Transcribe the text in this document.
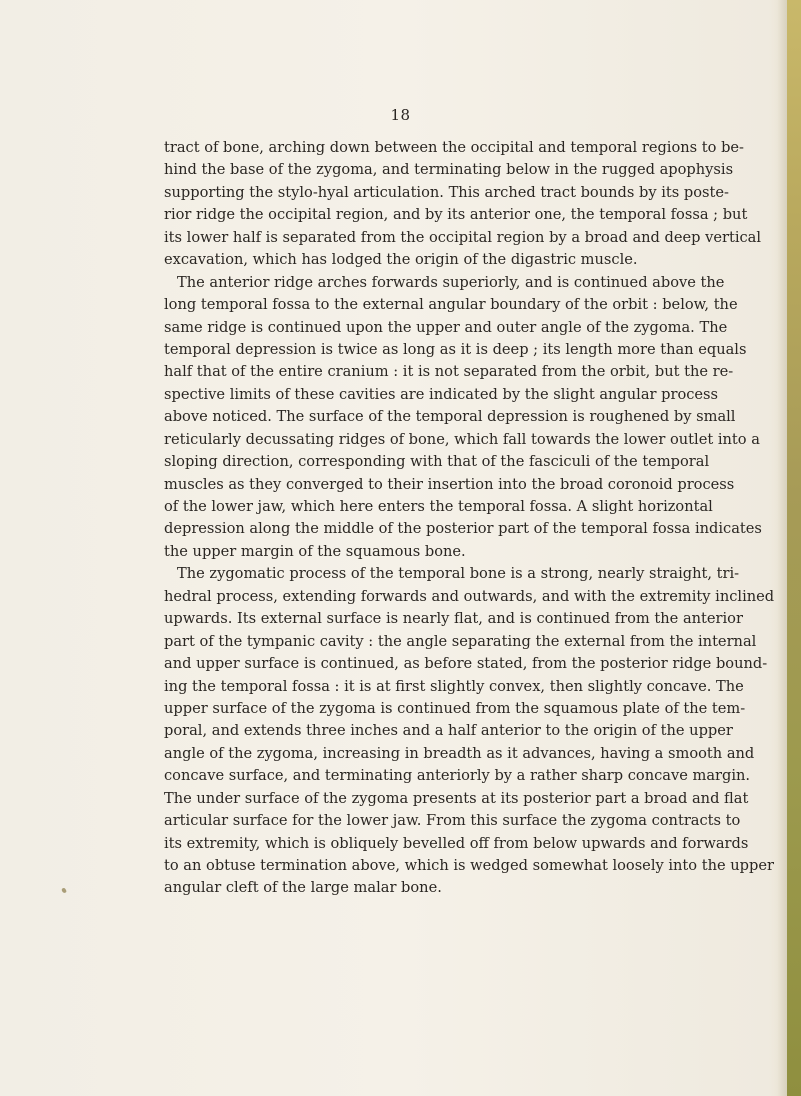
18
tract of bone, arching down between the occipital and temporal regions to be-
hind the base of the zygoma, and terminating below in the rugged apophysis
supporting the stylo-hyal articulation. This arched tract bounds by its poste-
rior ridge the occipital region, and by its anterior one, the temporal fossa ; but
its lower half is separated from the occipital region by a broad and deep vertical
excavation, which has lodged the origin of the digastric muscle.
The anterior ridge arches forwards superiorly, and is continued above the
long temporal fossa to the external angular boundary of the orbit : below, the
same ridge is continued upon the upper and outer angle of the zygoma. The
temporal depression is twice as long as it is deep ; its length more than equals
half that of the entire cranium : it is not separated from the orbit, but the re-
spective limits of these cavities are indicated by the slight angular process
above noticed. The surface of the temporal depression is roughened by small
reticularly decussating ridges of bone, which fall towards the lower outlet into a
sloping direction, corresponding with that of the fasciculi of the temporal
muscles as they converged to their insertion into the broad coronoid process
of the lower jaw, which here enters the temporal fossa. A slight horizontal
depression along the middle of the posterior part of the temporal fossa indicates
the upper margin of the squamous bone.
The zygomatic process of the temporal bone is a strong, nearly straight, tri-
hedral process, extending forwards and outwards, and with the extremity inclined
upwards. Its external surface is nearly flat, and is continued from the anterior
part of the tympanic cavity : the angle separating the external from the internal
and upper surface is continued, as before stated, from the posterior ridge bound-
ing the temporal fossa : it is at first slightly convex, then slightly concave. The
upper surface of the zygoma is continued from the squamous plate of the tem-
poral, and extends three inches and a half anterior to the origin of the upper
angle of the zygoma, increasing in breadth as it advances, having a smooth and
concave surface, and terminating anteriorly by a rather sharp concave margin.
The under surface of the zygoma presents at its posterior part a broad and flat
articular surface for the lower jaw. From this surface the zygoma contracts to
its extremity, which is obliquely bevelled off from below upwards and forwards
to an obtuse termination above, which is wedged somewhat loosely into the upper
angular cleft of the large malar bone.
